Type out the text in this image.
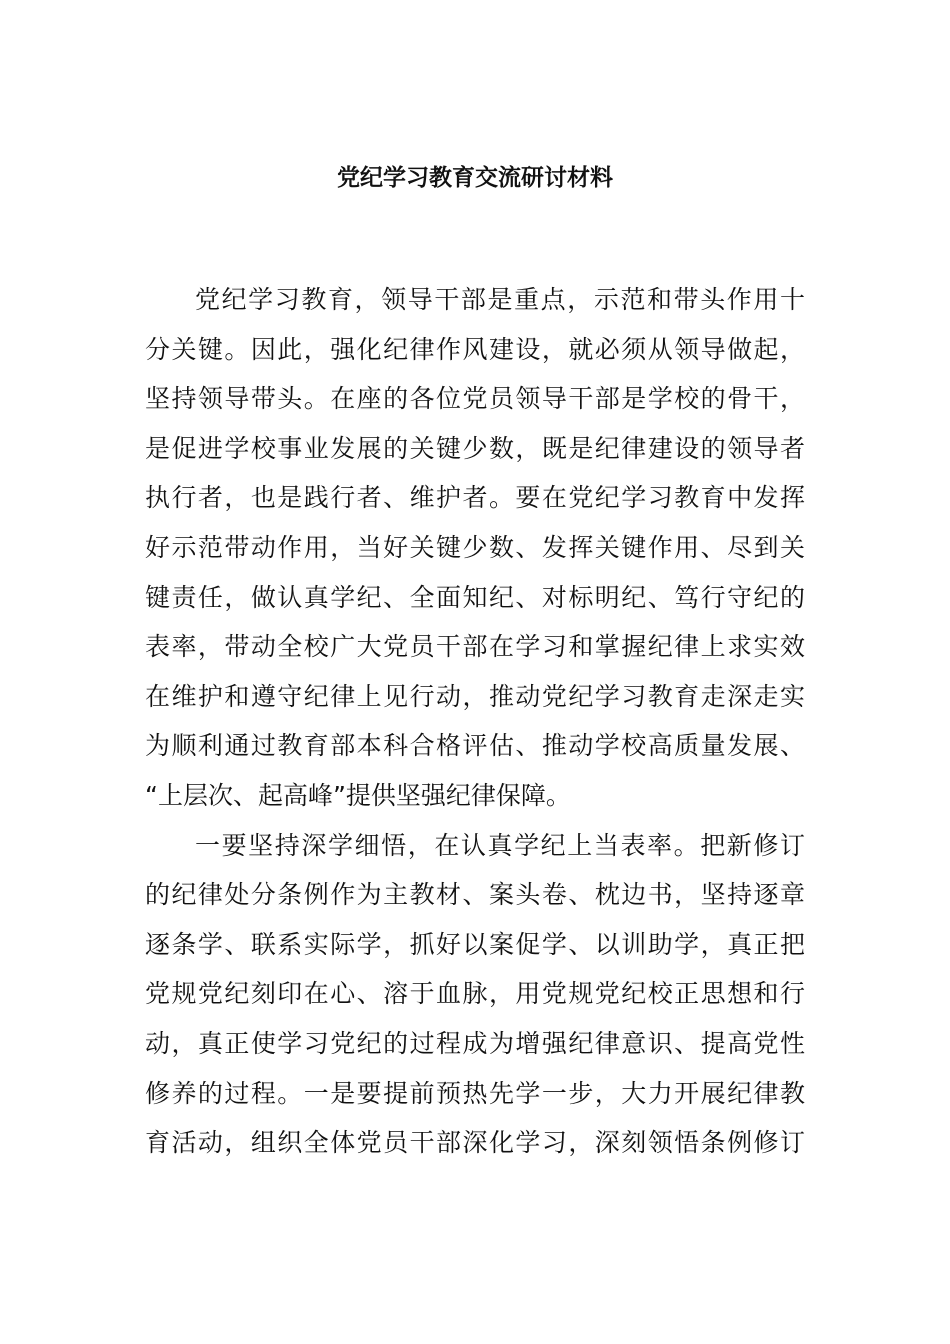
党纪学习教育交流研讨材料
党纪学习教育，领导干部是重点，示范和带头作用十
分关键。因此，强化纪律作风建设，就必须从领导做起，
坚持领导带头。在座的各位党员领导干部是学校的骨干，
是促进学校事业发展的关键少数，既是纪律建设的领导者
执行者，也是践行者、维护者。要在党纪学习教育中发挥
好示范带动作用，当好关键少数、发挥关键作用、尽到关
键责任，做认真学纪、全面知纪、对标明纪、笃行守纪的
表率，带动全校广大党员干部在学习和掌握纪律上求实效
在维护和遵守纪律上见行动，推动党纪学习教育走深走实
为顺利通过教育部本科合格评估、推动学校高质量发展、
“上层次、起高峰”提供坚强纪律保障。
一要坚持深学细悟，在认真学纪上当表率。把新修订
的纪律处分条例作为主教材、案头卷、枕边书，坚持逐章
逐条学、联系实际学，抓好以案促学、以训助学，真正把
党规党纪刻印在心、溶于血脉，用党规党纪校正思想和行
动，真正使学习党纪的过程成为增强纪律意识、提高党性
修养的过程。一是要提前预热先学一步，大力开展纪律教
育活动，组织全体党员干部深化学习，深刻领悟条例修订
